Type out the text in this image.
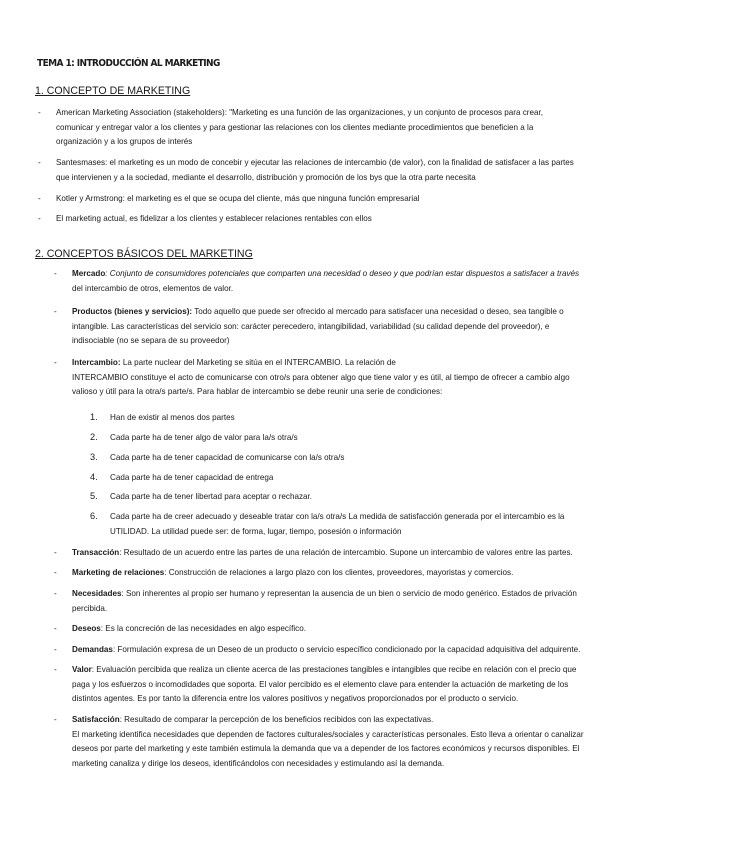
TEMA 1: INTRODUCCIÓN AL MARKETING
1. CONCEPTO DE MARKETING
- American Marketing Association (stakeholders): "Marketing es una función de las organizaciones, y un conjunto de procesos para crear,
comunicar y entregar valor a los clientes y para gestionar las relaciones con los clientes mediante procedimientos que beneficien a la
organización y a los grupos de interés
- Santesmases: el marketing es un modo de concebir y ejecutar las relaciones de intercambio (de valor), con la finalidad de satisfacer a las partes
que intervienen y a la sociedad, mediante el desarrollo, distribución y promoción de los bys que la otra parte necesita
- Kotler y Armstrong: el marketing es el que se ocupa del cliente, más que ninguna función empresarial
- El marketing actual, es fidelizar a los clientes y establecer relaciones rentables con ellos
2. CONCEPTOS BÁSICOS DEL MARKETING
- Mercado: Conjunto de consumidores potenciales que comparten una necesidad o deseo y que podrían estar dispuestos a satisfacer a través
del intercambio de otros, elementos de valor.
- Productos (bienes y servicios): Todo aquello que puede ser ofrecido al mercado para satisfacer una necesidad o deseo, sea tangible o
intangible. Las características del servicio son: carácter perecedero, intangibilidad, variabilidad (su calidad depende del proveedor), e
indisociable (no se separa de su proveedor)
- Intercambio: La parte nuclear del Marketing se sitúa en el INTERCAMBIO. La relación de
INTERCAMBIO constituye el acto de comunicarse con otro/s para obtener algo que tiene valor y es útil, al tiempo de ofrecer a cambio algo
valioso y útil para la otra/s parte/s. Para hablar de intercambio se debe reunir una serie de condiciones:
1. Han de existir al menos dos partes
2. Cada parte ha de tener algo de valor para la/s otra/s
3. Cada parte ha de tener capacidad de comunicarse con la/s otra/s
4. Cada parte ha de tener capacidad de entrega
5. Cada parte ha de tener libertad para aceptar o rechazar.
6. Cada parte ha de creer adecuado y deseable tratar con la/s otra/s La medida de satisfacción generada por el intercambio es la
UTILIDAD. La utilidad puede ser: de forma, lugar, tiempo, posesión o información
- Transacción: Resultado de un acuerdo entre las partes de una relación de intercambio. Supone un intercambio de valores entre las partes.
- Marketing de relaciones: Construcción de relaciones a largo plazo con los clientes, proveedores, mayoristas y comercios.
- Necesidades: Son inherentes al propio ser humano y representan la ausencia de un bien o servicio de modo genérico. Estados de privación
percibida.
- Deseos: Es la concreción de las necesidades en algo específico.
- Demandas: Formulación expresa de un Deseo de un producto o servicio específico condicionado por la capacidad adquisitiva del adquirente.
- Valor: Evaluación percibida que realiza un cliente acerca de las prestaciones tangibles e intangibles que recibe en relación con el precio que
paga y los esfuerzos o incomodidades que soporta. El valor percibido es el elemento clave para entender la actuación de marketing de los
distintos agentes. Es por tanto la diferencia entre los valores positivos y negativos proporcionados por el producto o servicio.
- Satisfacción: Resultado de comparar la percepción de los beneficios recibidos con las expectativas.
El marketing identifica necesidades que dependen de factores culturales/sociales y características personales. Esto lleva a orientar o canalizar
deseos por parte del marketing y este también estimula la demanda que va a depender de los factores económicos y recursos disponibles. El
marketing canaliza y dirige los deseos, identificándolos con necesidades y estimulando así la demanda.
